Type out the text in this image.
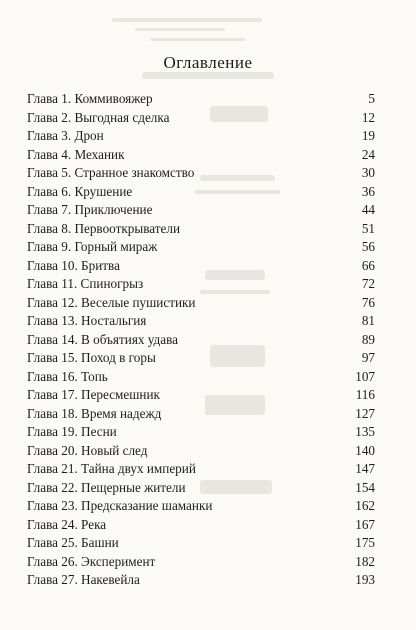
Оглавление
Глава 1. Коммивояжер	5
Глава 2. Выгодная сделка	12
Глава 3. Дрон	19
Глава 4. Механик	24
Глава 5. Странное знакомство	30
Глава 6. Крушение	36
Глава 7. Приключение	44
Глава 8. Первооткрыватели	51
Глава 9. Горный мираж	56
Глава 10. Бритва	66
Глава 11. Спиногрыз	72
Глава 12. Веселые пушистики	76
Глава 13. Ностальгия	81
Глава 14. В объятиях удава	89
Глава 15. Поход в горы	97
Глава 16. Топь	107
Глава 17. Пересмешник	116
Глава 18. Время надежд	127
Глава 19. Песни	135
Глава 20. Новый след	140
Глава 21. Тайна двух империй	147
Глава 22. Пещерные жители	154
Глава 23. Предсказание шаманки	162
Глава 24. Река	167
Глава 25. Башни	175
Глава 26. Эксперимент	182
Глава 27. Накевейла	193
